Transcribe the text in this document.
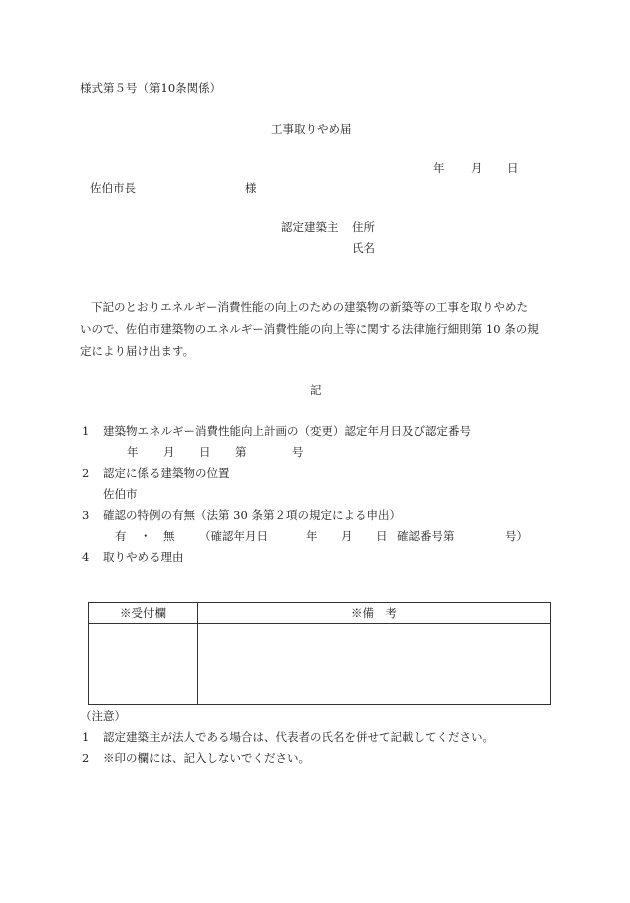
様式第５号（第10条関係）
工事取りやめ届
年 月 日
佐伯市長	様
認定建築主 住所
氏名
下記のとおりエネルギー消費性能の向上のための建築物の新築等の工事を取りやめた
いので、佐伯市建築物のエネルギー消費性能の向上等に関する法律施行細則第 10 条の規
定により届け出ます。
記
1 建築物エネルギー消費性能向上計画の（変更）認定年月日及び認定番号
年 月 日 第	号
2 認定に係る建築物の位置
佐伯市
3 確認の特例の有無（法第 30 条第２項の規定による申出）
有 ・ 無 （確認年月日	年 月 日 確認番号第	号）
4 取りやめる理由
※受付欄	※備　考

（注意）
1 認定建築主が法人である場合は、代表者の氏名を併せて記載してください。
2 ※印の欄には、記入しないでください。
